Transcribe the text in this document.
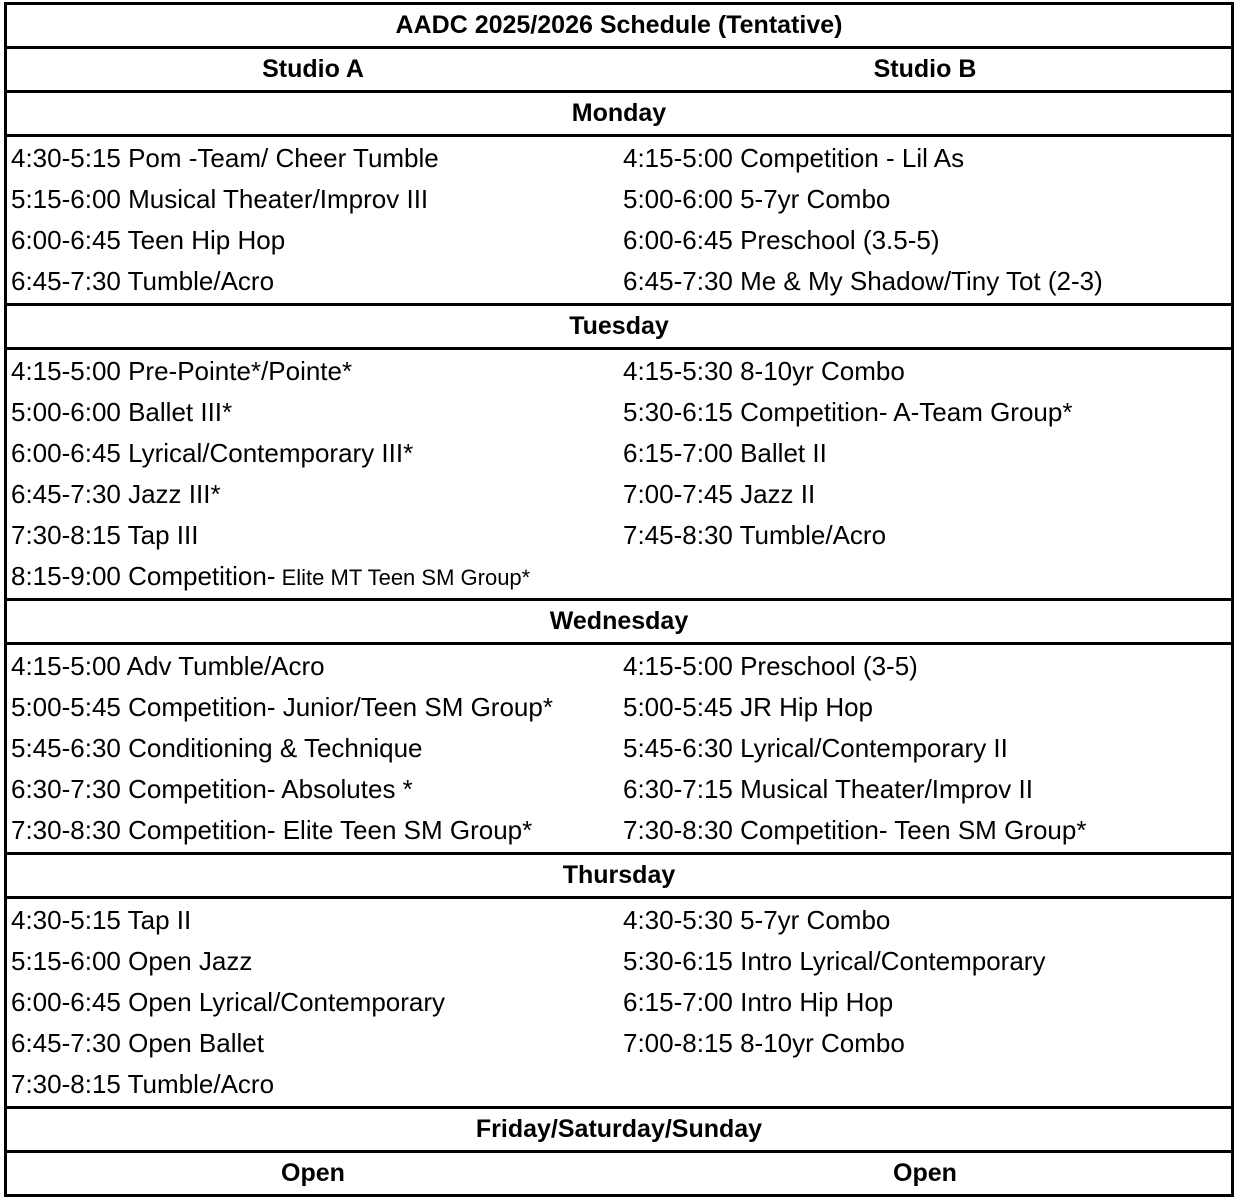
AADC 2025/2026 Schedule (Tentative)
Studio A	Studio B
Monday
4:30-5:15 Pom -Team/ Cheer Tumble	4:15-5:00 Competition - Lil As
5:15-6:00 Musical Theater/Improv III	5:00-6:00 5-7yr Combo
6:00-6:45 Teen Hip Hop	6:00-6:45 Preschool (3.5-5)
6:45-7:30 Tumble/Acro	6:45-7:30 Me & My Shadow/Tiny Tot (2-3)
Tuesday
4:15-5:00 Pre-Pointe*/Pointe*	4:15-5:30 8-10yr Combo
5:00-6:00 Ballet III*	5:30-6:15 Competition- A-Team Group*
6:00-6:45 Lyrical/Contemporary III*	6:15-7:00 Ballet II
6:45-7:30 Jazz III*	7:00-7:45 Jazz II
7:30-8:15 Tap III	7:45-8:30 Tumble/Acro
8:15-9:00 Competition- Elite MT Teen SM Group*
Wednesday
4:15-5:00 Adv Tumble/Acro	4:15-5:00 Preschool (3-5)
5:00-5:45 Competition- Junior/Teen SM Group*	5:00-5:45 JR Hip Hop
5:45-6:30 Conditioning & Technique	5:45-6:30 Lyrical/Contemporary II
6:30-7:30 Competition- Absolutes *	6:30-7:15 Musical Theater/Improv II
7:30-8:30 Competition- Elite Teen SM Group*	7:30-8:30 Competition- Teen SM Group*
Thursday
4:30-5:15 Tap II	4:30-5:30 5-7yr Combo
5:15-6:00 Open Jazz	5:30-6:15 Intro Lyrical/Contemporary
6:00-6:45 Open Lyrical/Contemporary	6:15-7:00 Intro Hip Hop
6:45-7:30 Open Ballet	7:00-8:15 8-10yr Combo
7:30-8:15 Tumble/Acro
Friday/Saturday/Sunday
Open	Open
